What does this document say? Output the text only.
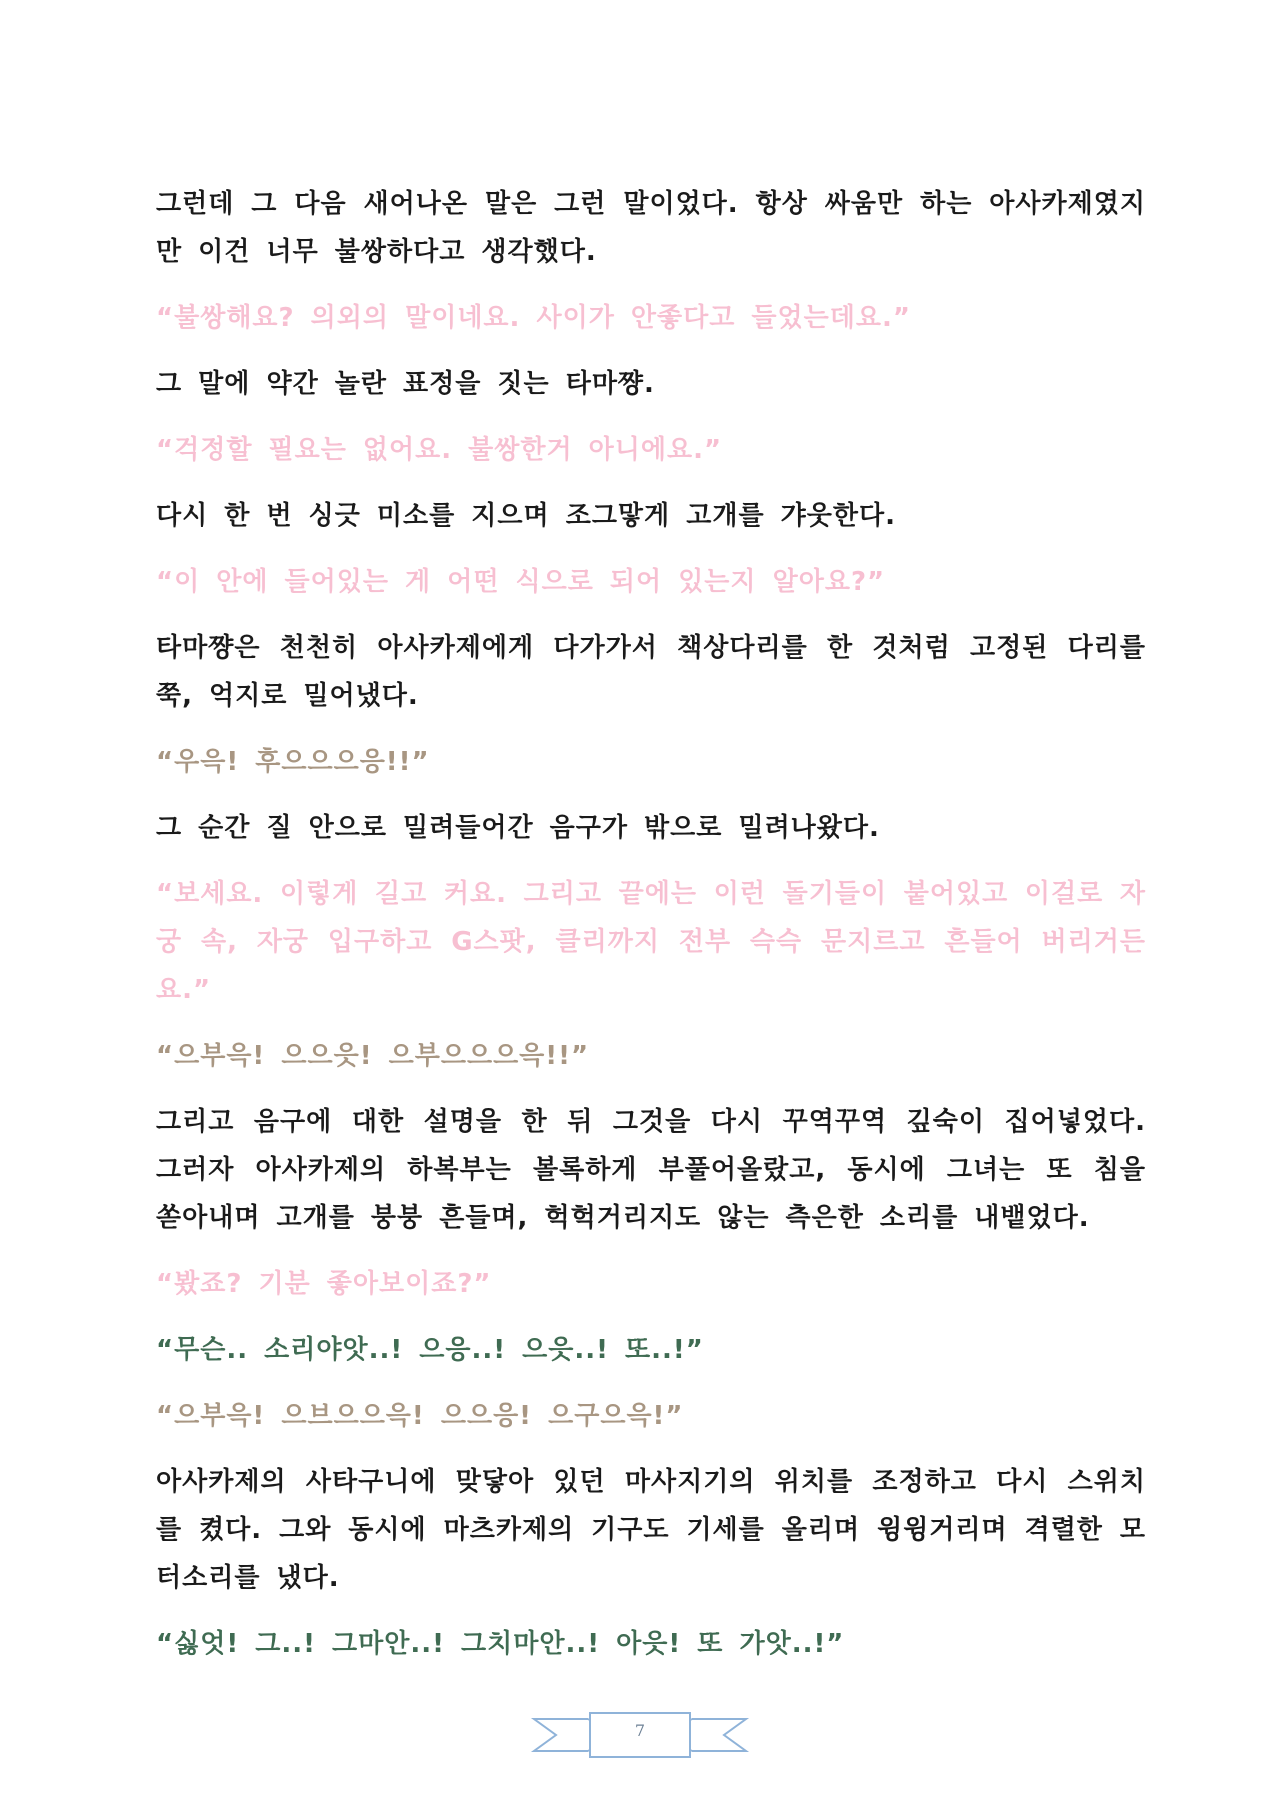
그런데 그 다음 새어나온 말은 그런 말이었다. 항상 싸움만 하는 아사카제였지만 이건 너무 불쌍하다고 생각했다.

“불쌍해요? 의외의 말이네요. 사이가 안좋다고 들었는데요.”

그 말에 약간 놀란 표정을 짓는 타마쨩.

“걱정할 필요는 없어요. 불쌍한거 아니에요.”

다시 한 번 싱긋 미소를 지으며 조그맣게 고개를 갸웃한다.

“이 안에 들어있는 게 어떤 식으로 되어 있는지 알아요?”

타마쨩은 천천히 아사카제에게 다가가서 책상다리를 한 것처럼 고정된 다리를 쭉, 억지로 밀어냈다.

“우윽! 후으으으응!!”

그 순간 질 안으로 밀려들어간 음구가 밖으로 밀려나왔다.

“보세요. 이렇게 길고 커요. 그리고 끝에는 이런 돌기들이 붙어있고 이걸로 자궁 속, 자궁 입구하고 G스팟, 클리까지 전부 슥슥 문지르고 흔들어 버리거든요.”

“으부윽! 으으읏! 으부으으으윽!!”

그리고 음구에 대한 설명을 한 뒤 그것을 다시 꾸역꾸역 깊숙이 집어넣었다. 그러자 아사카제의 하복부는 볼록하게 부풀어올랐고, 동시에 그녀는 또 침을 쏟아내며 고개를 붕붕 흔들며, 헉헉거리지도 않는 측은한 소리를 내뱉었다.

“봤죠? 기분 좋아보이죠?”

“무슨.. 소리야앗..! 으응..! 으읏..! 또..!”

“으부윽! 으브으으윽! 으으응! 으구으윽!”

아사카제의 사타구니에 맞닿아 있던 마사지기의 위치를 조정하고 다시 스위치를 켰다. 그와 동시에 마츠카제의 기구도 기세를 올리며 윙윙거리며 격렬한 모터소리를 냈다.

“싫엇! 그..! 그마안..! 그치마안..! 아읏! 또 가앗..!”

7
